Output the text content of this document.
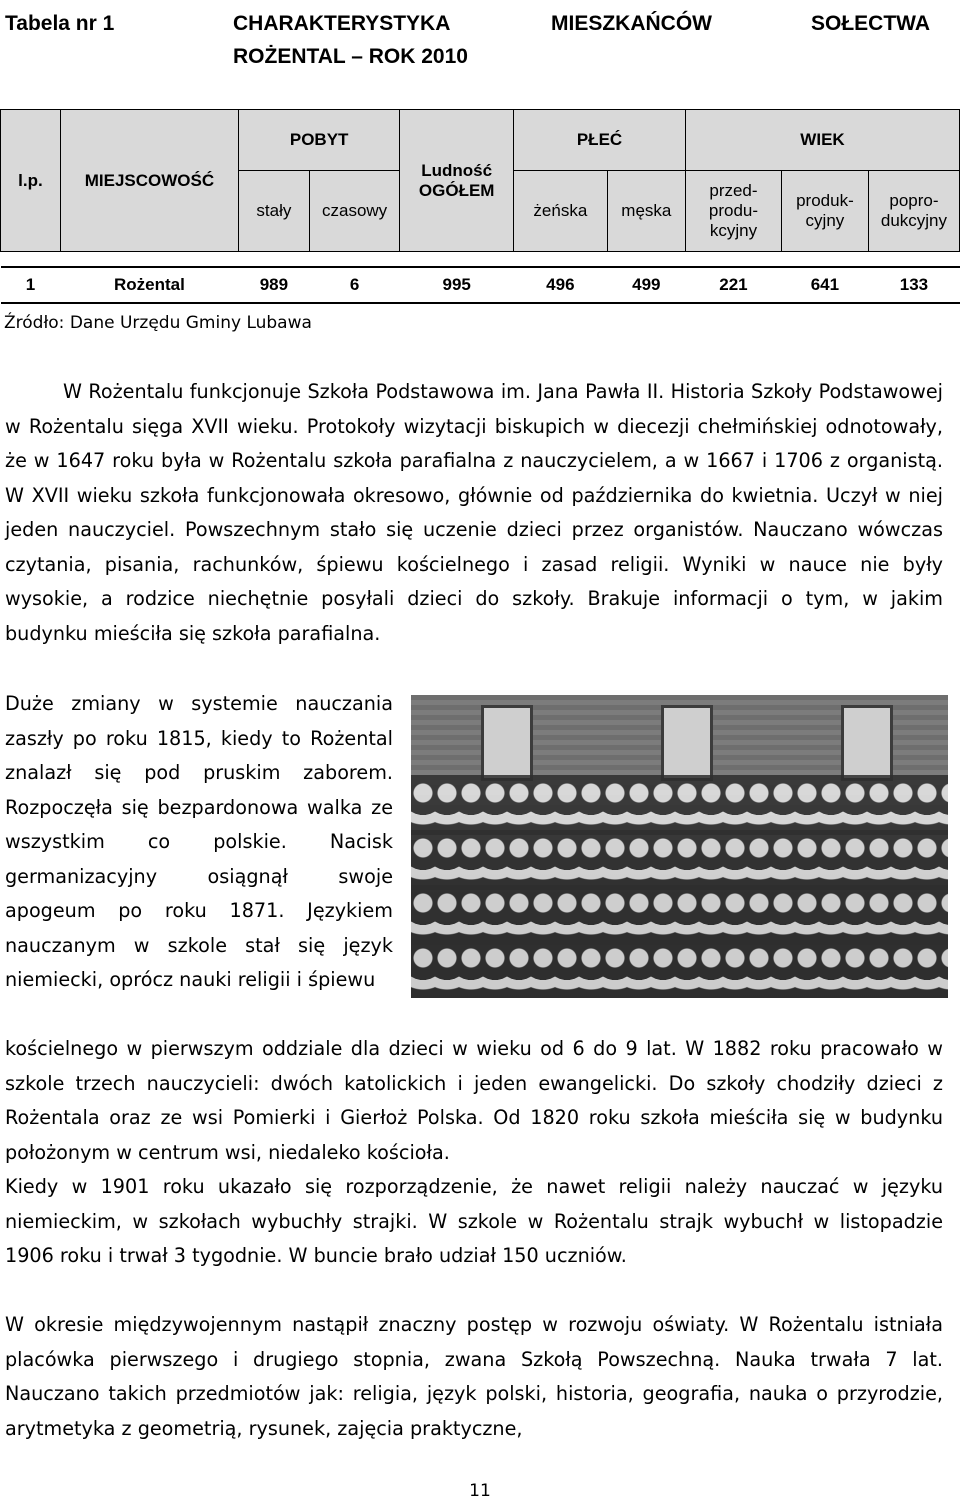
Tabela nr 1	CHARAKTERYSTYKA	MIESZKAŃCÓW	SOŁECTWA
ROŻENTAL – ROK 2010
l.p.	MIEJSCOWOŚĆ	POBYT		Ludność OGÓŁEM	PŁEĆ		WIEK		
		stały	czasowy		żeńska	męska	przed-produ-kcyjny	produk-cyjny	popro-dukcyjny

1	Rożental	989	6	995	496	499	221	641	133
Źródło: Dane Urzędu Gminy Lubawa
W Rożentalu funkcjonuje Szkoła Podstawowa im. Jana Pawła II. Historia Szkoły Podstawowej w Rożentalu sięga XVII wieku. Protokoły wizytacji biskupich w diecezji chełmińskiej odnotowały, że w 1647 roku była w Rożentalu szkoła parafialna z nauczycielem, a w 1667 i 1706 z organistą. W XVII wieku szkoła funkcjonowała okresowo, głównie od października do kwietnia. Uczył w niej jeden nauczyciel. Powszechnym stało się uczenie dzieci przez organistów. Nauczano wówczas czytania, pisania, rachunków, śpiewu kościelnego i zasad religii. Wyniki w nauce nie były wysokie, a rodzice niechętnie posyłali dzieci do szkoły. Brakuje informacji o tym, w jakim budynku mieściła się szkoła parafialna.
Duże zmiany w systemie nauczania zaszły po roku 1815, kiedy to Rożental znalazł się pod pruskim zaborem. Rozpoczęła się bezpardonowa walka ze wszystkim co polskie. Nacisk germanizacyjny osiągnął swoje apogeum po roku 1871. Językiem nauczanym w szkole stał się język niemiecki, oprócz nauki religii i śpiewu
kościelnego w pierwszym oddziale dla dzieci w wieku od 6 do 9 lat. W 1882 roku pracowało w szkole trzech nauczycieli: dwóch katolickich i jeden ewangelicki. Do szkoły chodziły dzieci z Rożentala oraz ze wsi Pomierki i Gierłoż Polska. Od 1820 roku szkoła mieściła się w budynku położonym w centrum wsi, niedaleko kościoła.
Kiedy w 1901 roku ukazało się rozporządzenie, że nawet religii należy nauczać w języku niemieckim, w szkołach wybuchły strajki. W szkole w Rożentalu strajk wybuchł w listopadzie 1906 roku i trwał 3 tygodnie. W buncie brało udział 150 uczniów.
W okresie międzywojennym nastąpił znaczny postęp w rozwoju oświaty. W Rożentalu istniała placówka pierwszego i drugiego stopnia, zwana Szkołą Powszechną. Nauka trwała 7 lat. Nauczano takich przedmiotów jak: religia, język polski, historia, geografia, nauka o przyrodzie, arytmetyka z geometrią, rysunek, zajęcia praktyczne,
11
